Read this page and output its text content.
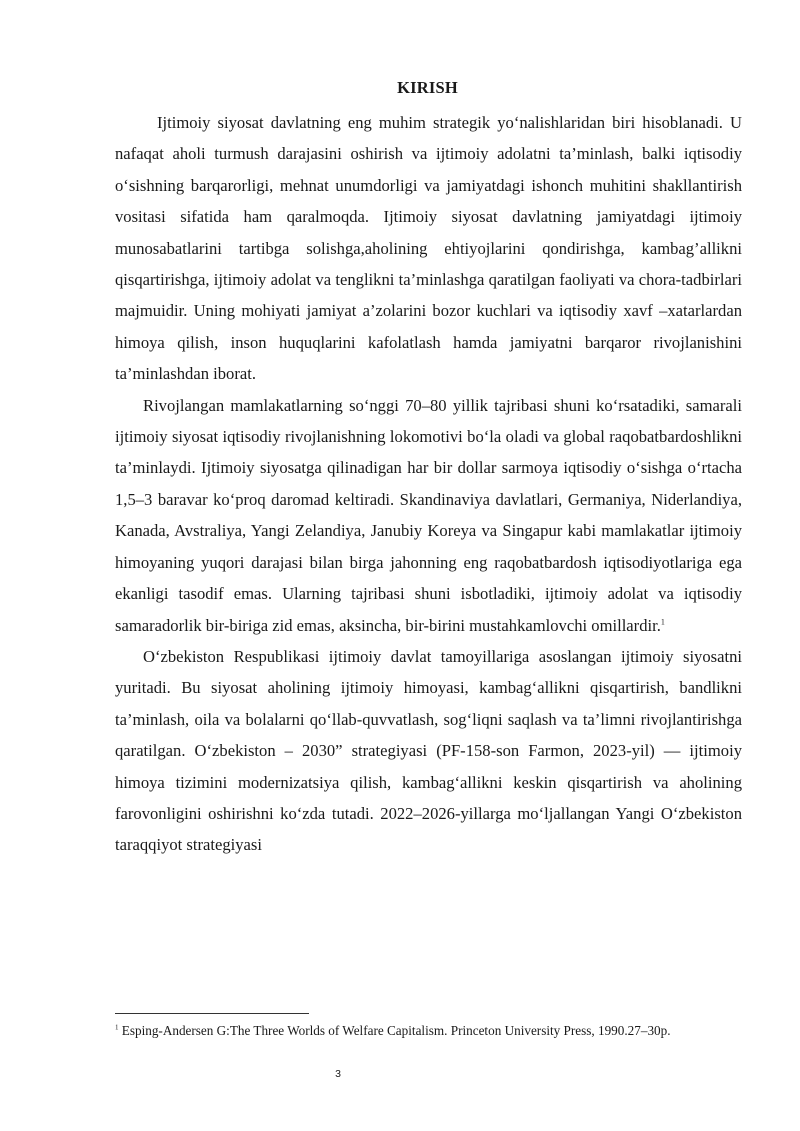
KIRISH

Ijtimoiy siyosat davlatning eng muhim strategik yo‘nalishlaridan biri hisoblanadi. U nafaqat aholi turmush darajasini oshirish va ijtimoiy adolatni ta’minlash, balki iqtisodiy o‘sishning barqarorligi, mehnat unumdorligi va jamiyatdagi ishonch muhitini shakllantirish vositasi sifatida ham qaralmoqda. Ijtimoiy siyosat davlatning jamiyatdagi ijtimoiy munosabatlarini tartibga solishga,aholining ehtiyojlarini qondirishga, kambag’allikni qisqartirishga, ijtimoiy adolat va tenglikni ta’minlashga qaratilgan faoliyati va chora-tadbirlari majmuidir. Uning mohiyati jamiyat a’zolarini bozor kuchlari va iqtisodiy xavf –xatarlardan himoya qilish, inson huquqlarini kafolatlash hamda jamiyatni barqaror rivojlanishini ta’minlashdan iborat.

Rivojlangan mamlakatlarning so‘nggi 70–80 yillik tajribasi shuni ko‘rsatadiki, samarali ijtimoiy siyosat iqtisodiy rivojlanishning lokomotivi bo‘la oladi va global raqobatbardoshlikni ta’minlaydi. Ijtimoiy siyosatga qilinadigan har bir dollar sarmoya iqtisodiy o‘sishga o‘rtacha 1,5–3 baravar ko‘proq daromad keltiradi. Skandinaviya davlatlari, Germaniya, Niderlandiya, Kanada, Avstraliya, Yangi Zelandiya, Janubiy Koreya va Singapur kabi mamlakatlar ijtimoiy himoyaning yuqori darajasi bilan birga jahonning eng raqobatbardosh iqtisodiyotlariga ega ekanligi tasodif emas. Ularning tajribasi shuni isbotladiki, ijtimoiy adolat va iqtisodiy samaradorlik bir-biriga zid emas, aksincha, bir-birini mustahkamlovchi omillardir.$^1$

O‘zbekiston Respublikasi ijtimoiy davlat tamoyillariga asoslangan ijtimoiy siyosatni yuritadi. Bu siyosat aholining ijtimoiy himoyasi, kambag‘allikni qisqartirish, bandlikni ta’minlash, oila va bolalarni qo‘llab-quvvatlash, sog‘liqni saqlash va ta’limni rivojlantirishga qaratilgan. O‘zbekiston – 2030” strategiyasi (PF-158-son Farmon, 2023-yil) — ijtimoiy himoya tizimini modernizatsiya qilish, kambag‘allikni keskin qisqartirish va aholining farovonligini oshirishni ko‘zda tutadi. 2022–2026-yillarga mo‘ljallangan Yangi O‘zbekiston taraqqiyot strategiyasi

$^1$ Esping-Andersen G:The Three Worlds of Welfare Capitalism. Princeton University Press, 1990.27–30p.
3
